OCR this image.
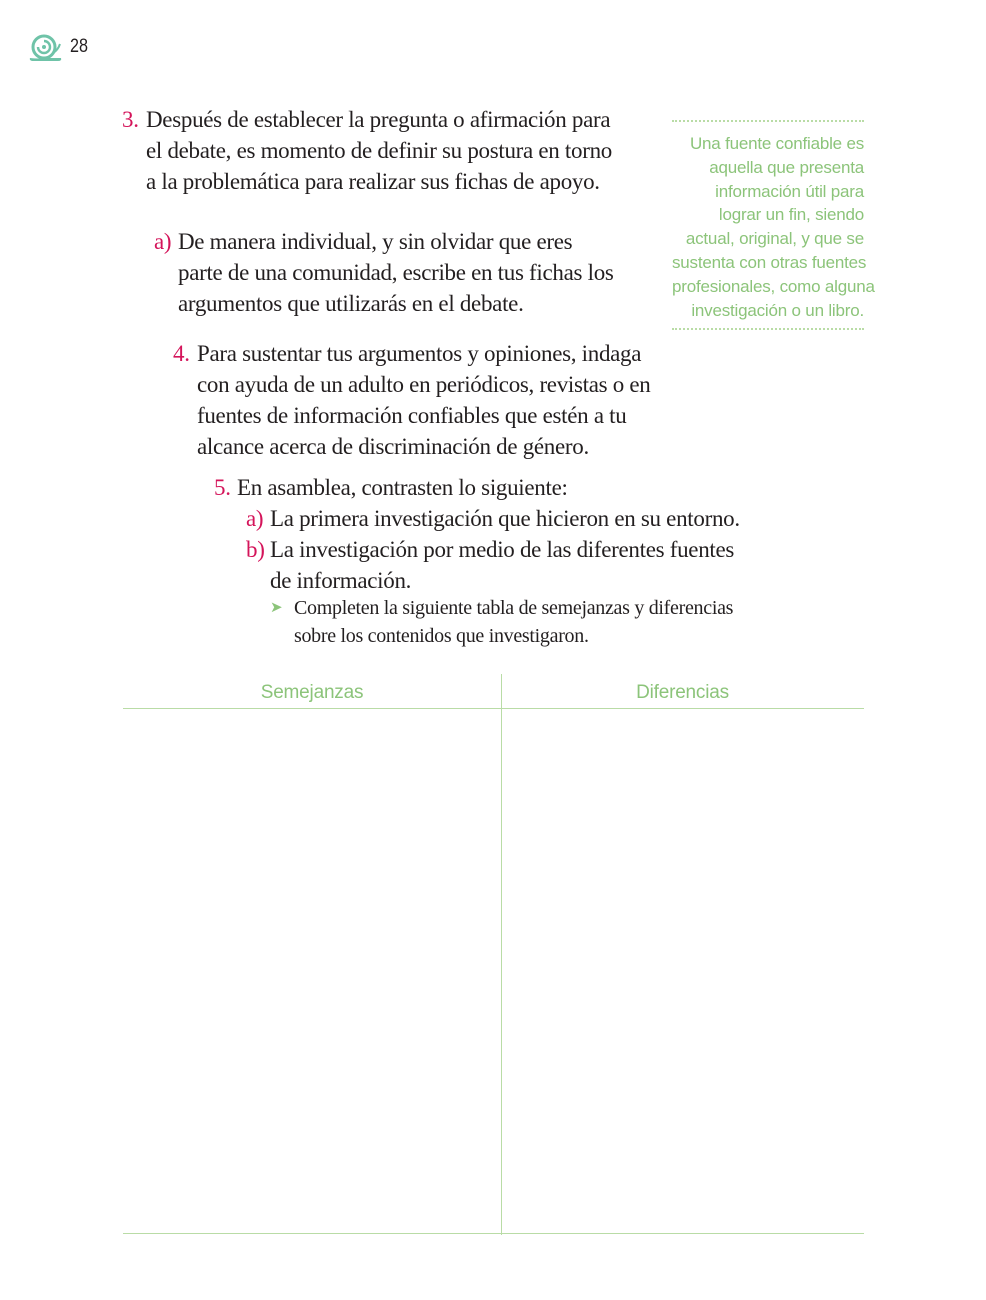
28
3. Después de establecer la pregunta o afirmación para
el debate, es momento de definir su postura en torno
a la problemática para realizar sus fichas de apoyo.
a) De manera individual, y sin olvidar que eres
parte de una comunidad, escribe en tus fichas los
argumentos que utilizarás en el debate.
Una fuente confiable es
aquella que presenta
información útil para
lograr un fin, siendo
actual, original, y que se
sustenta con otras fuentes
profesionales, como alguna
investigación o un libro.
4. Para sustentar tus argumentos y opiniones, indaga
con ayuda de un adulto en periódicos, revistas o en
fuentes de información confiables que estén a tu
alcance acerca de discriminación de género.
5. En asamblea, contrasten lo siguiente:
a) La primera investigación que hicieron en su entorno.
b) La investigación por medio de las diferentes fuentes
de información.
➤ Completen la siguiente tabla de semejanzas y diferencias
sobre los contenidos que investigaron.
Semejanzas	Diferencias
